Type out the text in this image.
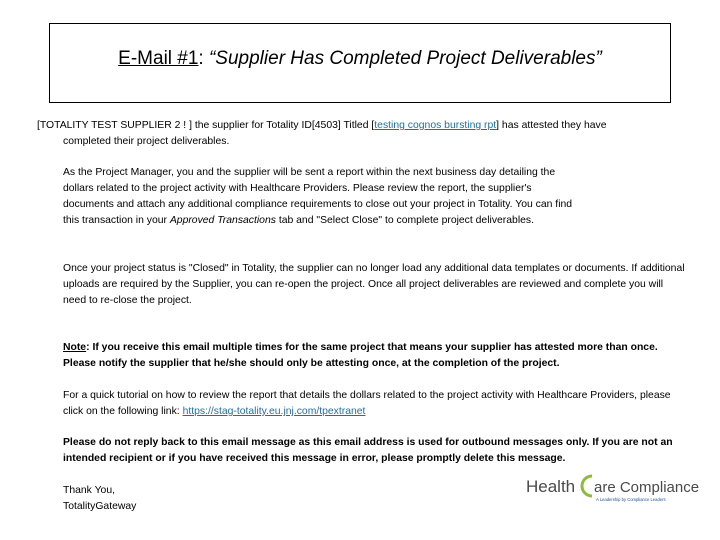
E-Mail #1: “Supplier Has Completed Project Deliverables”

[TOTALITY TEST SUPPLIER 2 ! ] the supplier for Totality ID[4503] Titled [testing cognos bursting rpt] has attested they have
completed their project deliverables.

As the Project Manager, you and the supplier will be sent a report within the next business day detailing the dollars related to the project activity with Healthcare Providers. Please review the report, the supplier's documents and attach any additional compliance requirements to close out your project in Totality. You can find this transaction in your Approved Transactions tab and "Select Close" to complete project deliverables.

Once your project status is "Closed" in Totality, the supplier can no longer load any additional data templates or documents. If additional uploads are required by the Supplier, you can re-open the project. Once all project deliverables are reviewed and complete you will need to re-close the project.

Note: If you receive this email multiple times for the same project that means your supplier has attested more than once. Please notify the supplier that he/she should only be attesting once, at the completion of the project.

For a quick tutorial on how to review the report that details the dollars related to the project activity with Healthcare Providers, please click on the following link: https://stag-totality.eu.jnj.com/tpextranet

Please do not reply back to this email message as this email address is used for outbound messages only. If you are not an intended recipient or if you have received this message in error, please promptly delete this message.

Thank You,
TotalityGateway

Health are Compliance
A Leadership by Compliance Leaders
